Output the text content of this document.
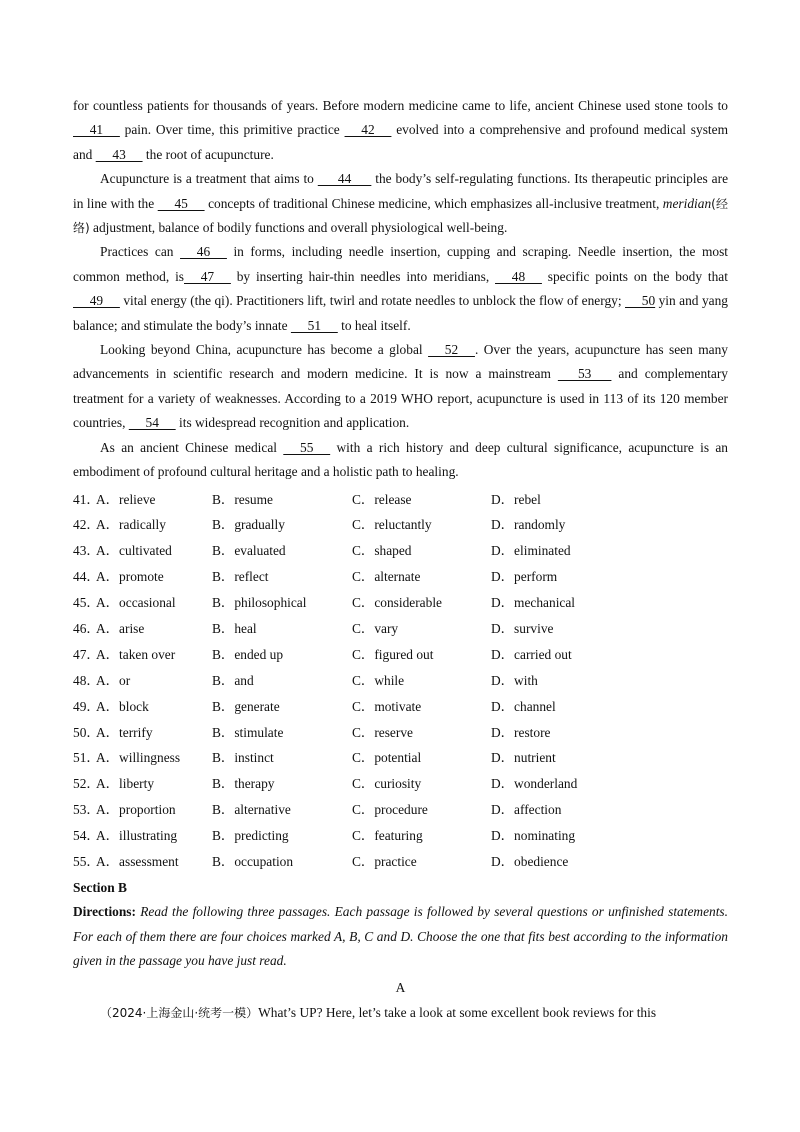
for countless patients for thousands of years. Before modern medicine came to life, ancient Chinese used stone tools to      41      pain. Over time, this primitive practice      42      evolved into a comprehensive and profound medical system and      43      the root of acupuncture.

Acupuncture is a treatment that aims to       44       the body’s self-regulating functions. Its therapeutic principles are in line with the      45      concepts of traditional Chinese medicine, which emphasizes all-inclusive treatment, meridian(经络) adjustment, balance of bodily functions and overall physiological well-being.

Practices can      46      in forms, including needle insertion, cupping and scraping. Needle insertion, the most common method, is     47      by inserting hair-thin needles into meridians,      48      specific points on the body that      49      vital energy (the qi). Practitioners lift, twirl and rotate needles to unblock the flow of energy;      50 yin and yang balance; and stimulate the body’s innate      51      to heal itself.

Looking beyond China, acupuncture has become a global      52     . Over the years, acupuncture has seen many advancements in scientific research and modern medicine. It is now a mainstream       53       and complementary treatment for a variety of weaknesses. According to a 2019 WHO report, acupuncture is used in 113 of its 120 member countries,      54      its widespread recognition and application.

As an ancient Chinese medical      55      with a rich history and deep cultural significance, acupuncture is an embodiment of profound cultural heritage and a holistic path to healing.

41．
A．relieve	B．resume	C．release	D．rebel
42．
A．radically	B．gradually	C．reluctantly	D．randomly
43．
A．cultivated	B．evaluated	C．shaped	D．eliminated
44．
A．promote	B．reflect	C．alternate	D．perform
45．
A．occasional	B．philosophical	C．considerable	D．mechanical
46．
A．arise	B．heal	C．vary	D．survive
47．
A．taken over	B．ended up	C．figured out	D．carried out
48．
A．or	B．and	C．while	D．with
49．
A．block	B．generate	C．motivate	D．channel
50．
A．terrify	B．stimulate	C．reserve	D．restore
51．
A．willingness B．instinct	C．potential	D．nutrient
52．
A．liberty	B．therapy	C．curiosity	D．wonderland
53．
A．proportion	B．alternative	C．procedure	D．affection
54．
A．illustrating	B．predicting	C．featuring	D．nominating
55．
A．assessment B．occupation	C．practice	D．obedience
Section B
Directions: Read the following three passages. Each passage is followed by several questions or unfinished statements. For each of them there are four choices marked A, B, C and D. Choose the one that fits best according to the information given in the passage you have just read.
A

（2024·上海金山·统考一模）What’s UP? Here, let’s take a look at some excellent book reviews for this
